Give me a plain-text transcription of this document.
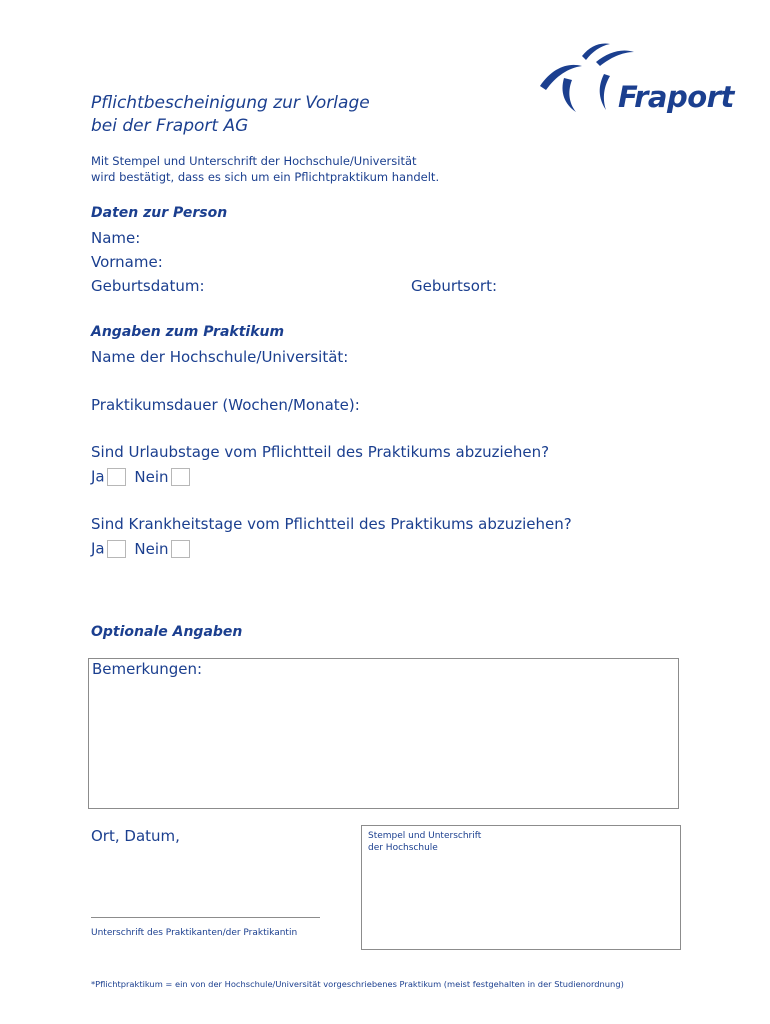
Fraport
Pflichtbescheinigung zur Vorlage
bei der Fraport AG
Mit Stempel und Unterschrift der Hochschule/Universität
wird bestätigt, dass es sich um ein Pflichtpraktikum handelt.
Daten zur Person
Name:
Vorname:
Geburtsdatum:	Geburtsort:
Angaben zum Praktikum
Name der Hochschule/Universität:
Praktikumsdauer (Wochen/Monate):
Sind Urlaubstage vom Pflichtteil des Praktikums abzuziehen?
Ja Nein
Sind Krankheitstage vom Pflichtteil des Praktikums abzuziehen?
Ja Nein
Optionale Angaben
Bemerkungen:
Ort, Datum,
Unterschrift des Praktikanten/der Praktikantin
Stempel und Unterschrift
der Hochschule
*Pflichtpraktikum = ein von der Hochschule/Universität vorgeschriebenes Praktikum (meist festgehalten in der Studienordnung)
